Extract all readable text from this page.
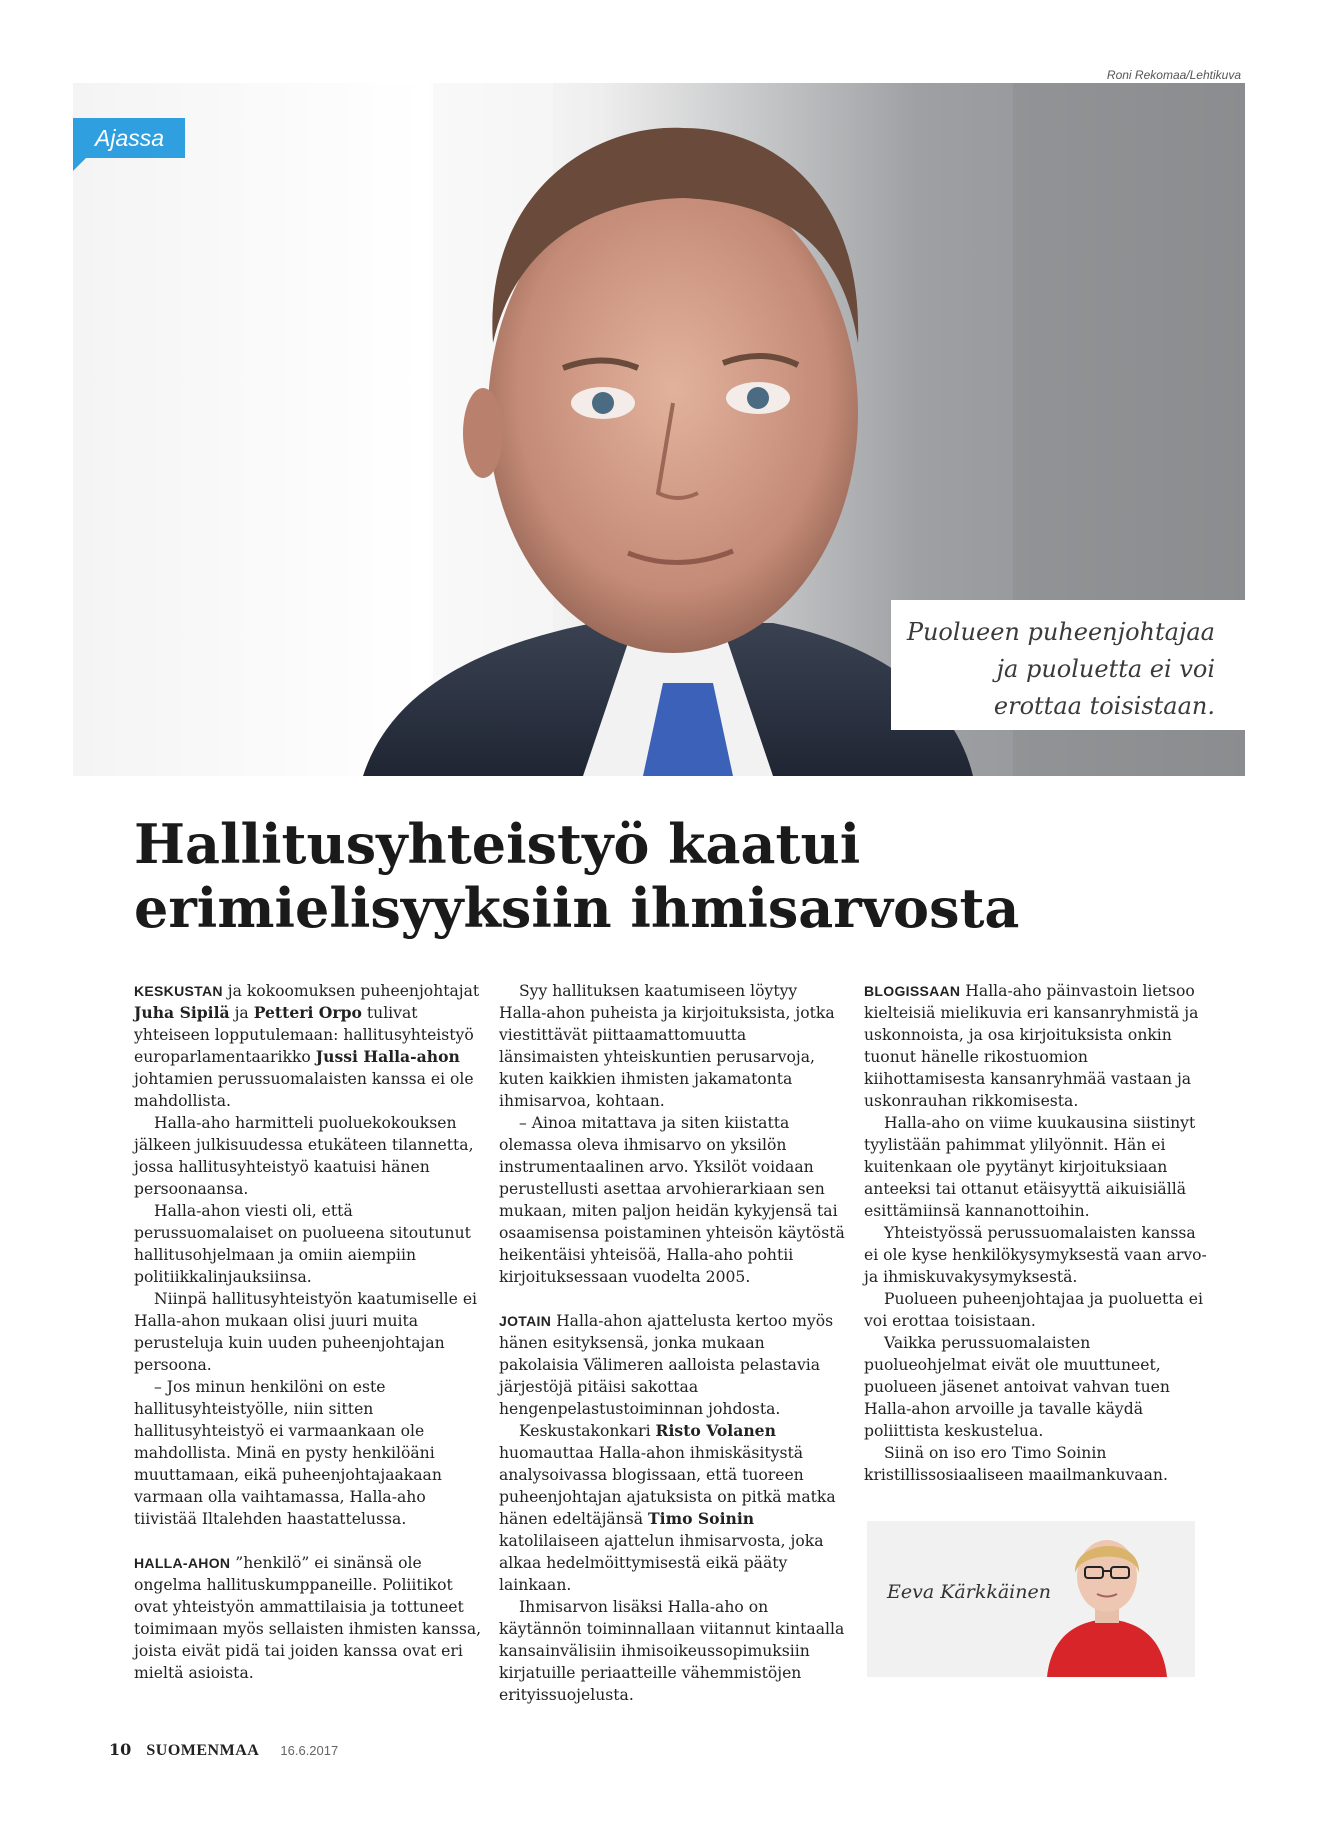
Roni Rekomaa/Lehtikuva
Ajassa
Puolueen puheenjohtajaa
ja puoluetta ei voi
erottaa toisistaan.
Hallitusyhteistyö kaatui
erimielisyyksiin ihmisarvosta

KESKUSTAN ja kokoomuksen puheenjohtajat Juha Sipilä ja Petteri Orpo tulivat yhteiseen lopputulemaan: hallitusyhteistyö europarlamentaarikko Jussi Halla-ahon johtamien perussuomalaisten kanssa ei ole mahdollista.

Halla-aho harmitteli puoluekokouksen jälkeen julkisuudessa etukäteen tilannetta, jossa hallitusyhteistyö kaatuisi hänen persoonaansa.

Halla-ahon viesti oli, että perussuomalaiset on puolueena sitoutunut hallitusohjelmaan ja omiin aiempiin politiikkalinjauksiinsa.

Niinpä hallitusyhteistyön kaatumiselle ei Halla-ahon mukaan olisi juuri muita perusteluja kuin uuden puheenjohtajan persoona.

– Jos minun henkilöni on este hallitusyhteistyölle, niin sitten hallitusyhteistyö ei varmaankaan ole mahdollista. Minä en pysty henkilöäni muuttamaan, eikä puheenjohtajaakaan varmaan olla vaihtamassa, Halla-aho tiivistää Iltalehden haastattelussa.

HALLA-AHON ”henkilö” ei sinänsä ole ongelma hallituskumppaneille. Poliitikot ovat yhteistyön ammattilaisia ja tottuneet toimimaan myös sellaisten ihmisten kanssa, joista eivät pidä tai joiden kanssa ovat eri mieltä asioista.

Syy hallituksen kaatumiseen löytyy Halla-ahon puheista ja kirjoituksista, jotka viestittävät piittaamattomuutta länsimaisten yhteiskuntien perusarvoja, kuten kaikkien ihmisten jakamatonta ihmisarvoa, kohtaan.

– Ainoa mitattava ja siten kiistatta olemassa oleva ihmisarvo on yksilön instrumentaalinen arvo. Yksilöt voidaan perustellusti asettaa arvohierarkiaan sen mukaan, miten paljon heidän kykyjensä tai osaamisensa poistaminen yhteisön käytöstä heikentäisi yhteisöä, Halla-aho pohtii kirjoituksessaan vuodelta 2005.

JOTAIN Halla-ahon ajattelusta kertoo myös hänen esityksensä, jonka mukaan pakolaisia Välimeren aalloista pelastavia järjestöjä pitäisi sakottaa hengenpelastustoiminnan johdosta.

Keskustakonkari Risto Volanen huomauttaa Halla-ahon ihmiskäsitystä analysoivassa blogissaan, että tuoreen puheenjohtajan ajatuksista on pitkä matka hänen edeltäjänsä Timo Soinin katolilaiseen ajattelun ihmisarvosta, joka alkaa hedelmöittymisestä eikä pääty lainkaan.

Ihmisarvon lisäksi Halla-aho on käytännön toiminnallaan viitannut kintaalla kansainvälisiin ihmisoikeussopimuksiin kirjatuille periaatteille vähemmistöjen erityissuojelusta.

BLOGISSAAN Halla-aho päinvastoin lietsoo kielteisiä mielikuvia eri kansanryhmistä ja uskonnoista, ja osa kirjoituksista onkin tuonut hänelle rikostuomion kiihottamisesta kansanryhmää vastaan ja uskonrauhan rikkomisesta.

Halla-aho on viime kuukausina siistinyt tyylistään pahimmat ylilyönnit. Hän ei kuitenkaan ole pyytänyt kirjoituksiaan anteeksi tai ottanut etäisyyttä aikuisiällä esittämiinsä kannanottoihin.

Yhteistyössä perussuomalaisten kanssa ei ole kyse henkilökysymyksestä vaan arvo- ja ihmiskuvakysymyksestä.

Puolueen puheenjohtajaa ja puoluetta ei voi erottaa toisistaan.

Vaikka perussuomalaisten puolueohjelmat eivät ole muuttuneet, puolueen jäsenet antoivat vahvan tuen Halla-ahon arvoille ja tavalle käydä poliittista keskustelua.

Siinä on iso ero Timo Soinin kristillissosiaaliseen maailmankuvaan.

Eeva Kärkkäinen
10 SUOMENMAA 16.6.2017
